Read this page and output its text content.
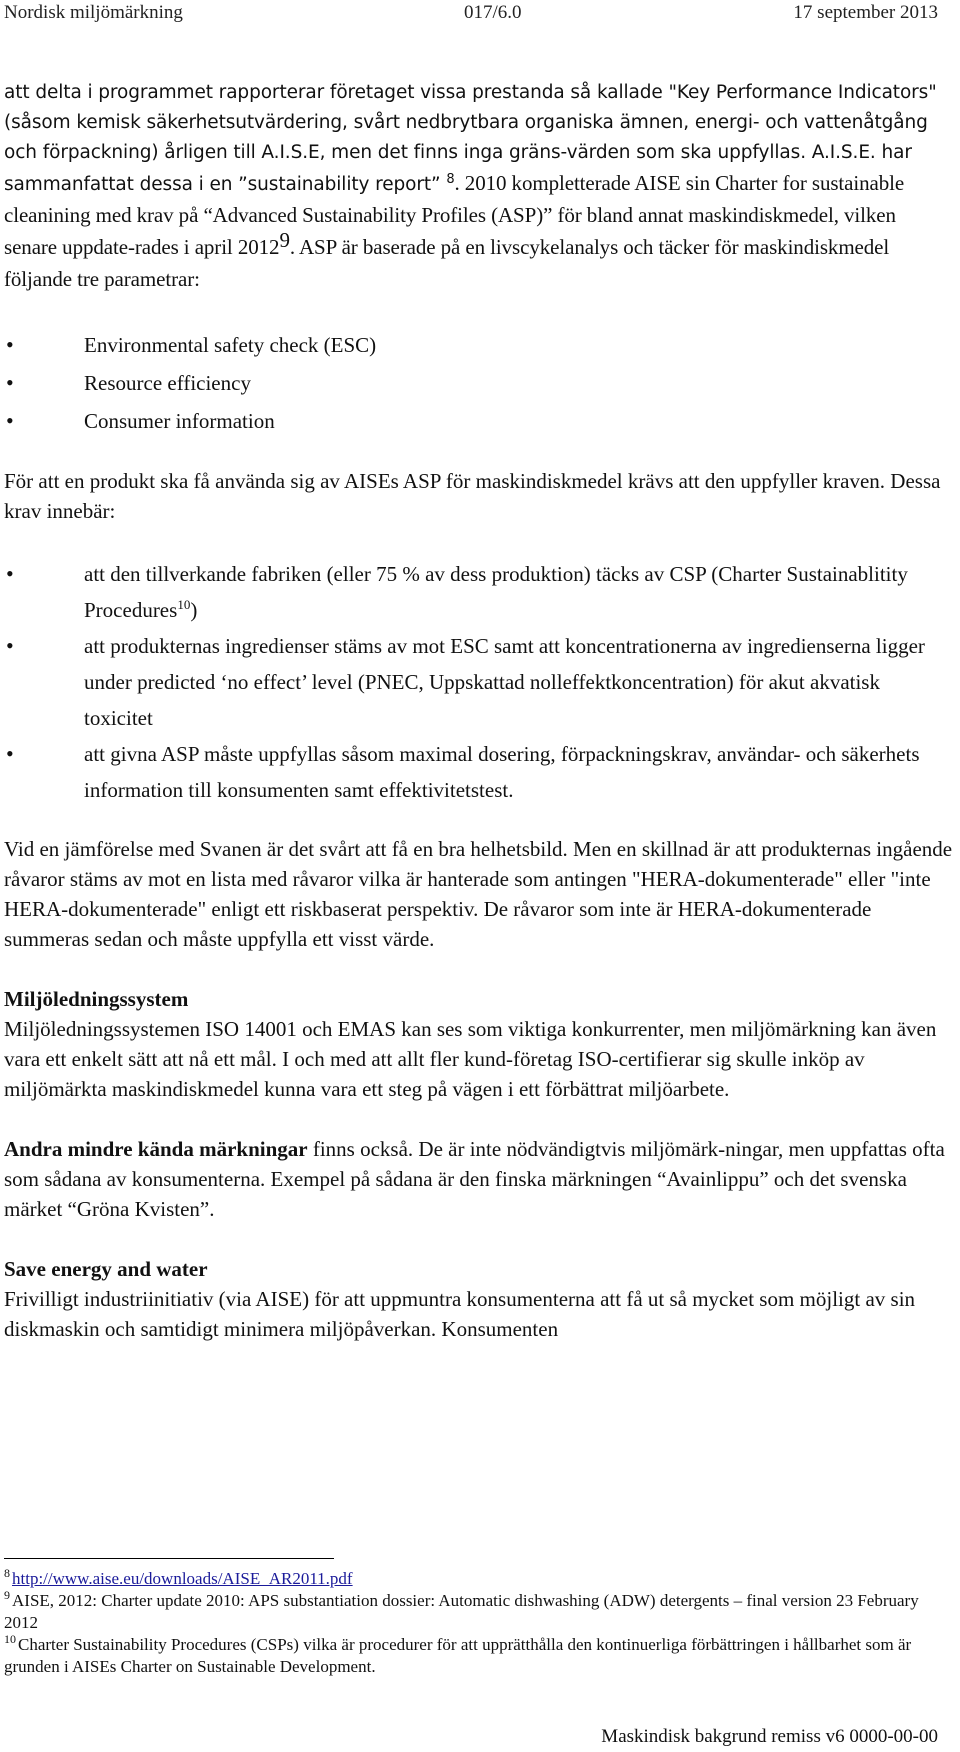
Nordisk miljömärkning	017/6.0	17 september 2013

att delta i programmet rapporterar företaget vissa prestanda så kallade "Key Performance Indicators" (såsom kemisk säkerhetsutvärdering, svårt nedbrytbara organiska ämnen, energi- och vattenåtgång och förpackning) årligen till A.I.S.E, men det finns inga gräns-värden som ska uppfyllas. A.I.S.E. har sammanfattat dessa i en ”sustainability report” $^8$. 2010 kompletterade AISE sin Charter for sustainable cleanining med krav på “Advanced Sustainability Profiles (ASP)” för bland annat maskindiskmedel, vilken senare uppdate-rades i april 2012$^9$. ASP är baserade på en livscykelanalys och täcker för maskindiskmedel följande tre parametrar:

• Environmental safety check (ESC)
• Resource efficiency
• Consumer information

För att en produkt ska få använda sig av AISEs ASP för maskindiskmedel krävs att den uppfyller kraven. Dessa krav innebär:

• att den tillverkande fabriken (eller 75 % av dess produktion) täcks av CSP (Charter Sustainablitity Procedures$^{10}$)
• att produkternas ingredienser stäms av mot ESC samt att koncentrationerna av ingredienserna ligger under predicted ‘no effect’ level (PNEC, Uppskattad nolleffektkoncentration) för akut akvatisk toxicitet
• att givna ASP måste uppfyllas såsom maximal dosering, förpackningskrav, användar- och säkerhets information till konsumenten samt effektivitetstest.

Vid en jämförelse med Svanen är det svårt att få en bra helhetsbild. Men en skillnad är att produkternas ingående råvaror stäms av mot en lista med råvaror vilka är hanterade som antingen "HERA-dokumenterade" eller "inte HERA-dokumenterade" enligt ett riskbaserat perspektiv. De råvaror som inte är HERA-dokumenterade summeras sedan och måste uppfylla ett visst värde.

Miljöledningssystem
Miljöledningssystemen ISO 14001 och EMAS kan ses som viktiga konkurrenter, men miljömärkning kan även vara ett enkelt sätt att nå ett mål. I och med att allt fler kund-företag ISO-certifierar sig skulle inköp av miljömärkta maskindiskmedel kunna vara ett steg på vägen i ett förbättrat miljöarbete.

Andra mindre kända märkningar finns också. De är inte nödvändigtvis miljömärk-ningar, men uppfattas ofta som sådana av konsumenterna. Exempel på sådana är den finska märkningen “Avainlippu” och det svenska märket “Gröna Kvisten”.

Save energy and water
Frivilligt industriinitiativ (via AISE) för att uppmuntra konsumenterna att få ut så mycket som möjligt av sin diskmaskin och samtidigt minimera miljöpåverkan. Konsumenten

$^8$ http://www.aise.eu/downloads/AISE_AR2011.pdf
$^9$ AISE, 2012: Charter update 2010: APS substantiation dossier: Automatic dishwashing (ADW) detergents – final version 23 February 2012
$^{10}$ Charter Sustainability Procedures (CSPs) vilka är procedurer för att upprätthålla den kontinuerliga förbättringen i hållbarhet som är grunden i AISEs Charter on Sustainable Development.
Maskindisk bakgrund remiss v6 0000-00-00
